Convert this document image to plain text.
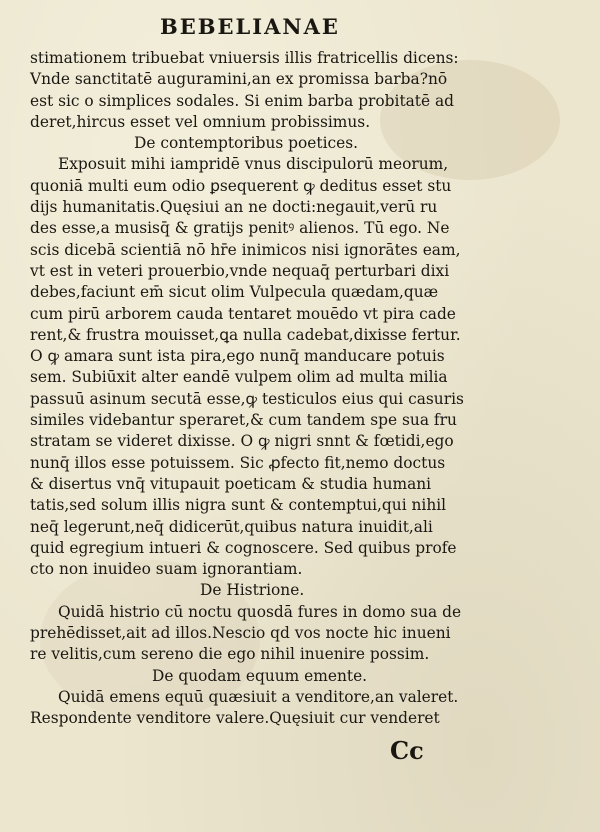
BEBELIANAE
stimationem tribuebat vniuersis illis fratricellis dicens:
Vnde sanctitatē auguramini,an ex promissa barba?nō
est sic o simplices sodales. Si enim barba probitatē ad
deret,hircus esset vel omnium probissimus.
De contemptoribus poetices.
Exposuit mihi iampridē vnus discipulorū meorum,
quoniā multi eum odio ꝑsequerent ꝙ deditus esset stu
dijs humanitatis.Quęsiui an ne docti:negauit,verū ru
des esse,a musisq̄ & gratijs penitꝰ alienos. Tū ego. Ne
scis dicebā scientiā nō hr̄e inimicos nisi ignorātes eam,
vt est in veteri prouerbio,vnde nequaq̄ perturbari dixi
debes,faciunt em̄ sicut olim Vulpecula quædam,quæ
cum pirū arborem cauda tentaret mouēdo vt pira cade
rent,& frustra mouisset,ꝗa nulla cadebat,dixisse fertur.
O ꝙ amara sunt ista pira,ego nunq̄ manducare potuis
sem. Subiūxit alter eandē vulpem olim ad multa milia
passuū asinum secutā esse,ꝙ testiculos eius qui casuris
similes videbantur speraret,& cum tandem spe sua fru
stratam se videret dixisse. O ꝙ nigri snnt & fœtidi,ego
nunq̄ illos esse potuissem. Sic ꝓfecto fit,nemo doctus
& disertus vnq̄ vitupauit poeticam & studia humani
tatis,sed solum illis nigra sunt & contemptui,qui nihil
neq̄ legerunt,neq̄ didicerūt,quibus natura inuidit,ali
quid egregium intueri & cognoscere. Sed quibus profe
cto non inuideo suam ignorantiam.
De Histrione.
Quidā histrio cū noctu quosdā fures in domo sua de
prehēdisset,ait ad illos.Nescio qd vos nocte hic inueni
re velitis,cum sereno die ego nihil inuenire possim.
De quodam equum emente.
Quidā emens equū quæsiuit a venditore,an valeret.
Respondente venditore valere.Quęsiuit cur venderet
Cc
